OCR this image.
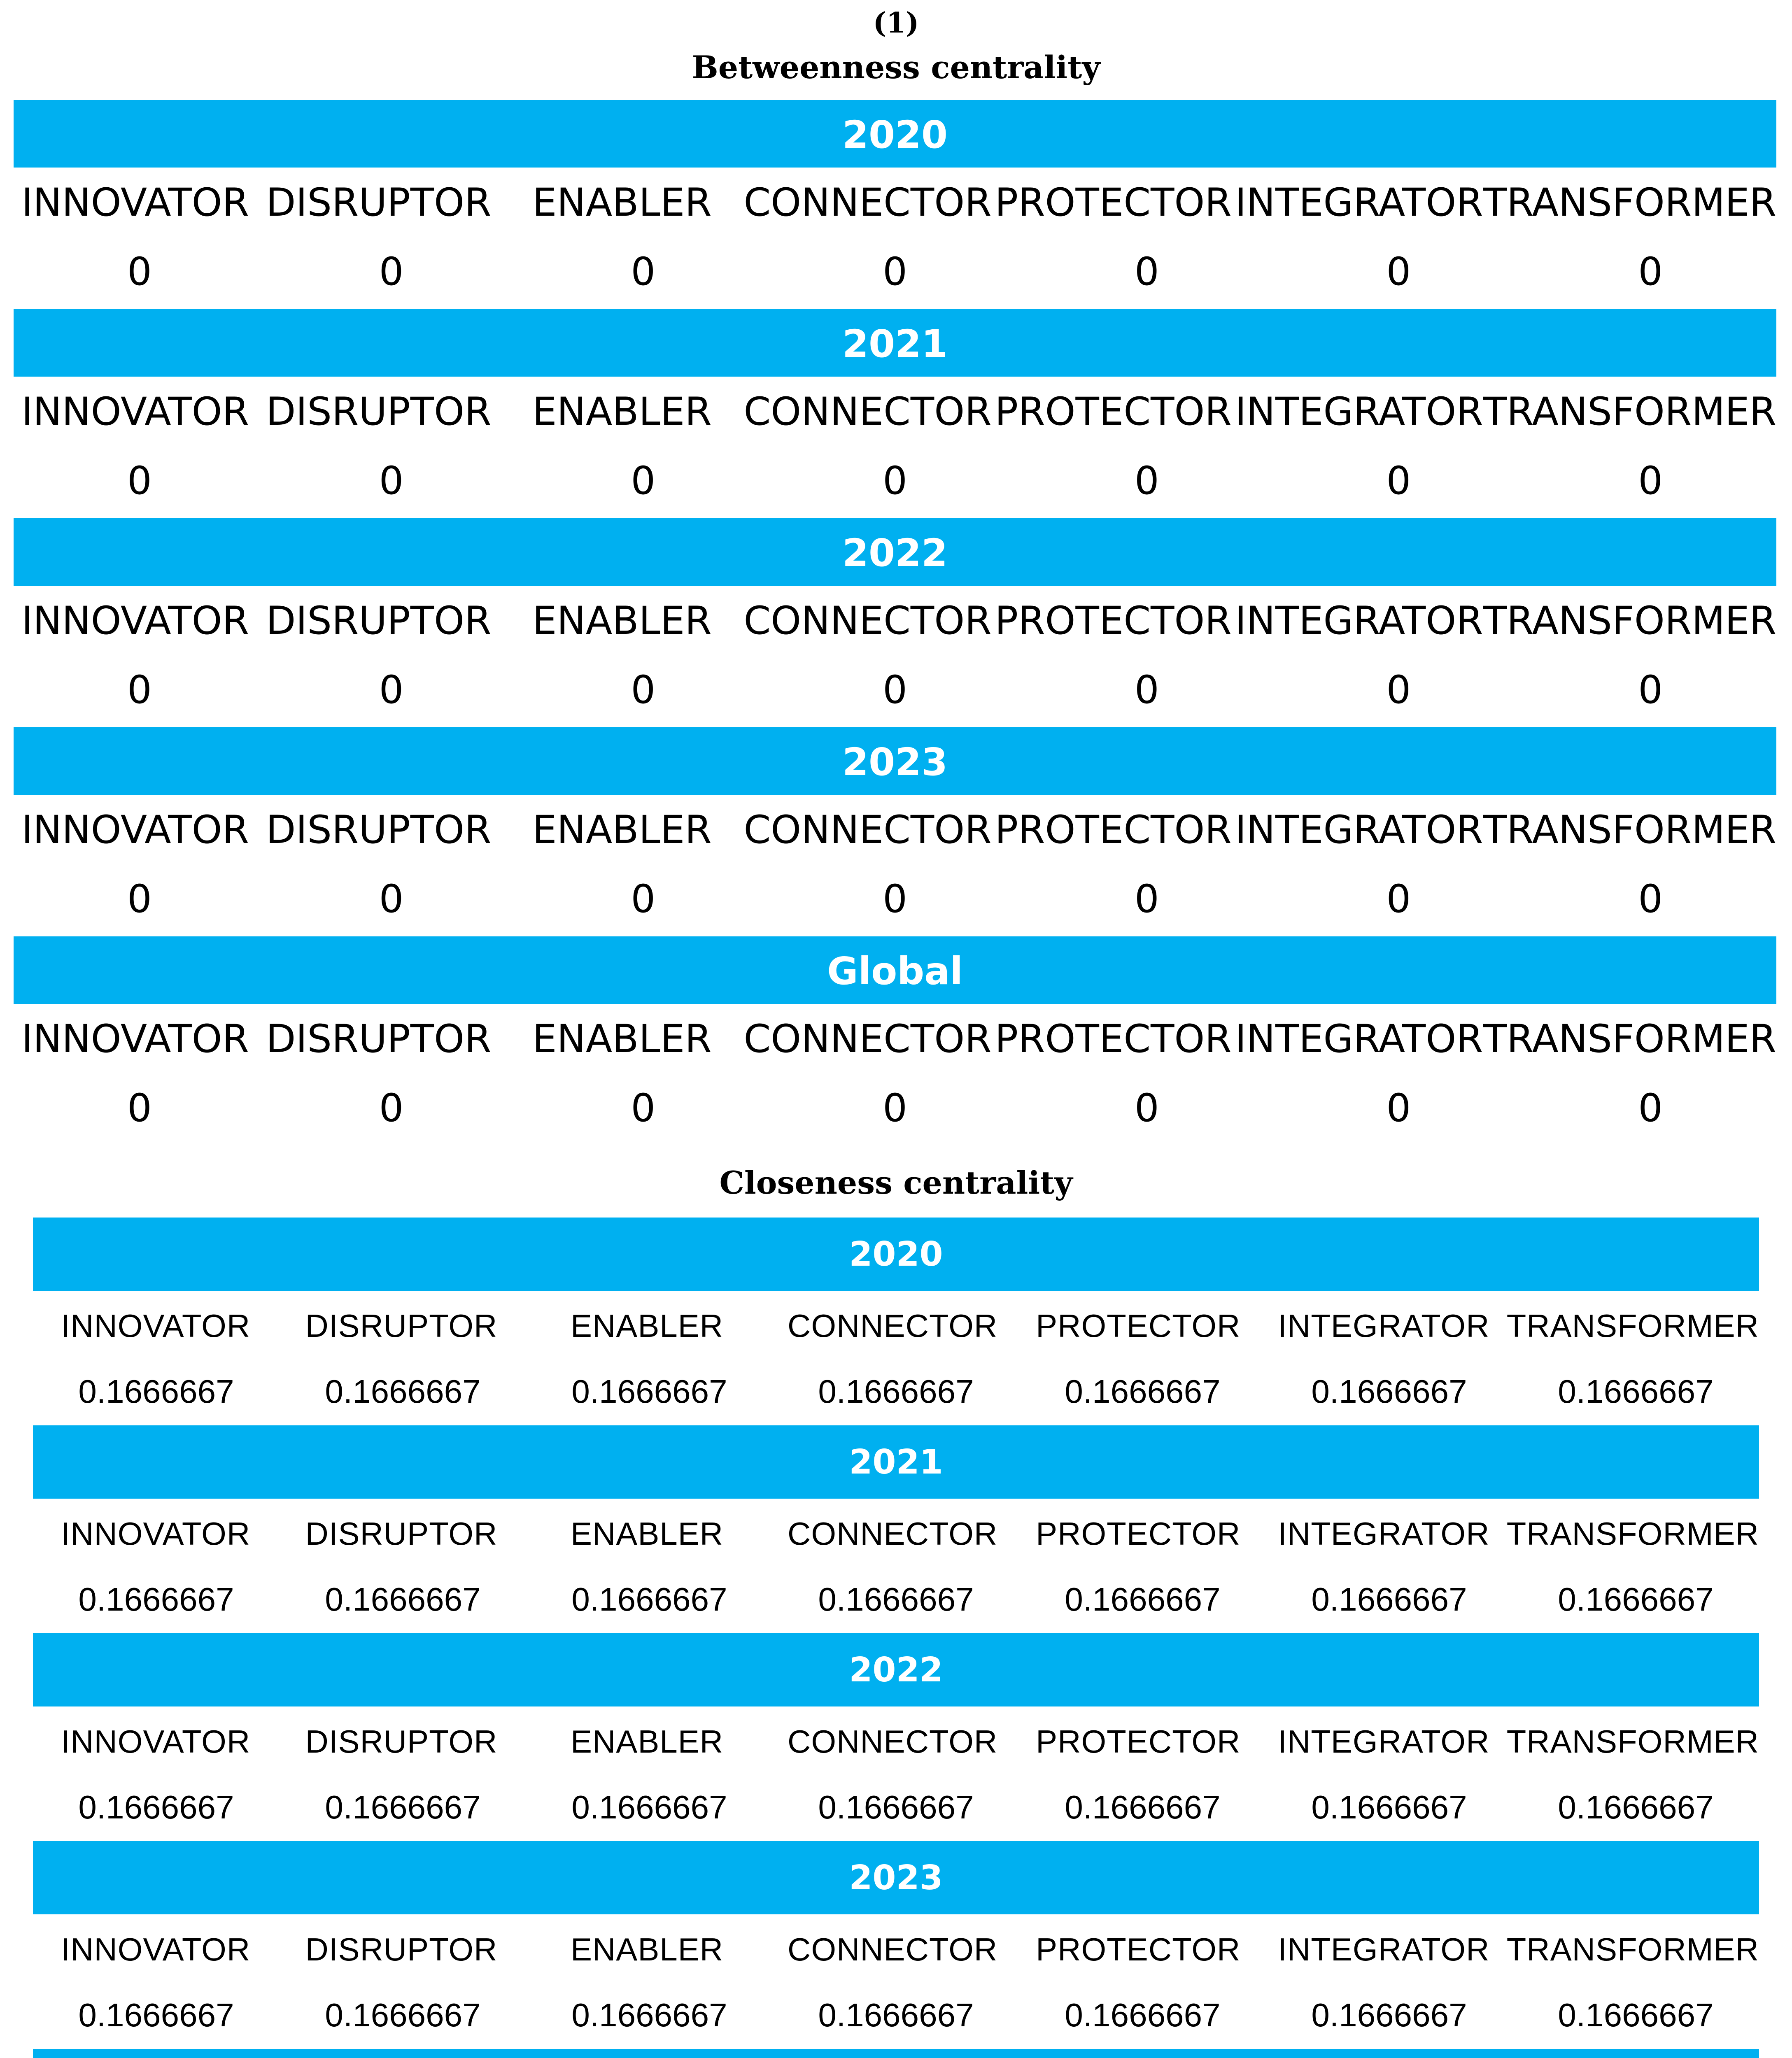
(1)
Betweenness centrality
2020
INNOVATOR DISRUPTOR	ENABLER CONNECTOR PROTECTOR INTEGRATOR TRANSFORMER
0	0	0	0	0	0	0
2021
INNOVATOR DISRUPTOR	ENABLER CONNECTOR PROTECTOR INTEGRATOR TRANSFORMER
0	0	0	0	0	0	0
2022
INNOVATOR DISRUPTOR	ENABLER CONNECTOR PROTECTOR INTEGRATOR TRANSFORMER
0	0	0	0	0	0	0
2023
INNOVATOR DISRUPTOR	ENABLER CONNECTOR PROTECTOR INTEGRATOR TRANSFORMER
0	0	0	0	0	0	0
Global
INNOVATOR DISRUPTOR	ENABLER CONNECTOR PROTECTOR INTEGRATOR TRANSFORMER
0	0	0	0	0	0	0
Closeness centrality
2020
INNOVATOR	DISRUPTOR	ENABLER	CONNECTOR	PROTECTOR	INTEGRATOR TRANSFORMER
0.1666667	0.1666667	0.1666667	0.1666667	0.1666667	0.1666667	0.1666667
2021
INNOVATOR	DISRUPTOR	ENABLER	CONNECTOR	PROTECTOR	INTEGRATOR TRANSFORMER
0.1666667	0.1666667	0.1666667	0.1666667	0.1666667	0.1666667	0.1666667
2022
INNOVATOR	DISRUPTOR	ENABLER	CONNECTOR	PROTECTOR	INTEGRATOR TRANSFORMER
0.1666667	0.1666667	0.1666667	0.1666667	0.1666667	0.1666667	0.1666667
2023
INNOVATOR	DISRUPTOR	ENABLER	CONNECTOR	PROTECTOR	INTEGRATOR TRANSFORMER
0.1666667	0.1666667	0.1666667	0.1666667	0.1666667	0.1666667	0.1666667
